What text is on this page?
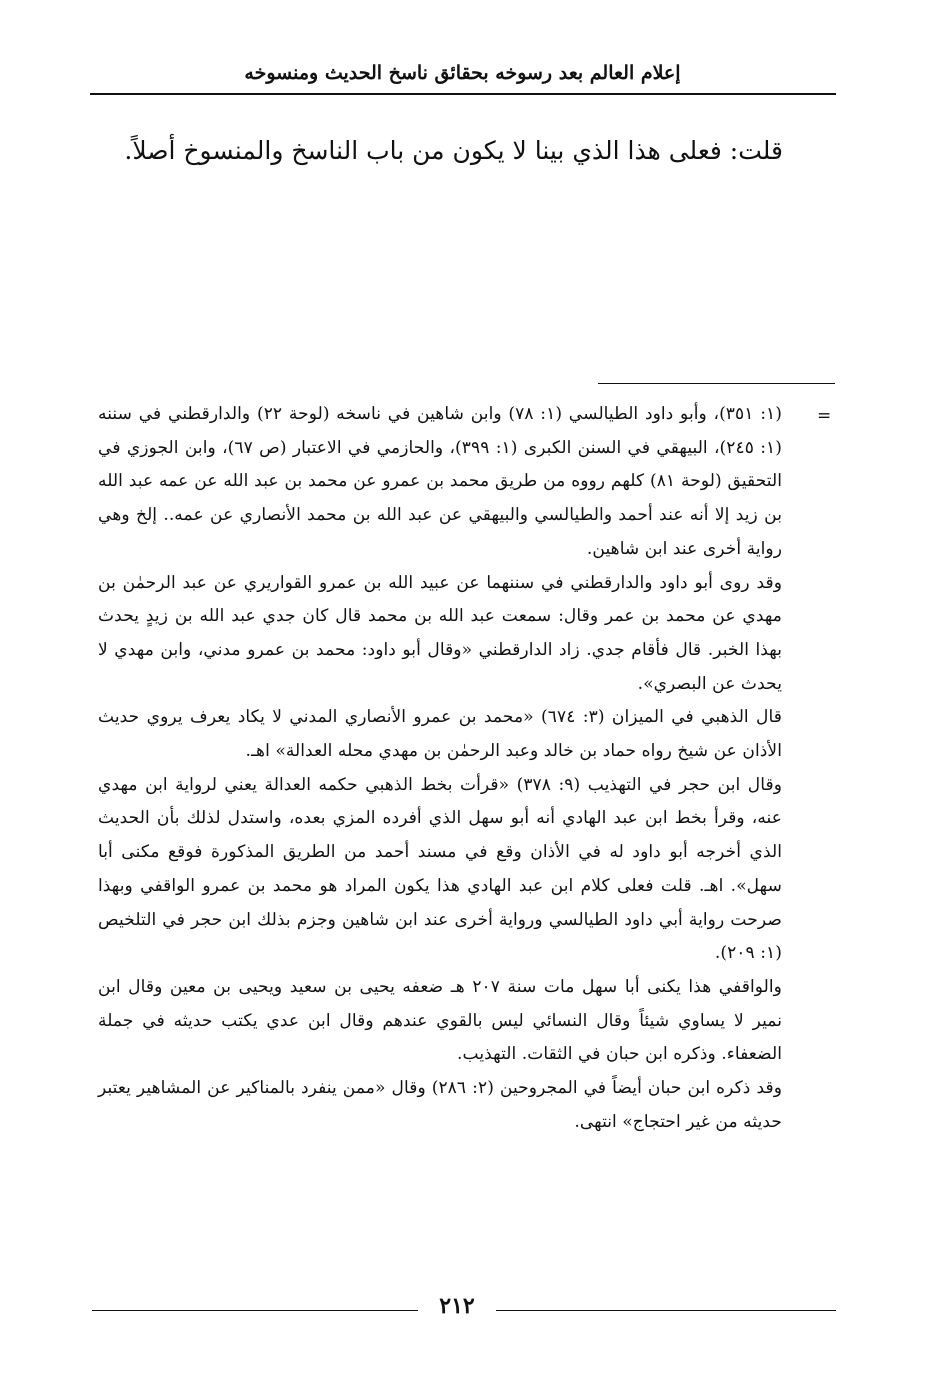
إعلام العالم بعد رسوخه بحقائق ناسخ الحديث ومنسوخه
قلت: فعلى هذا الذي بينا لا يكون من باب الناسخ والمنسوخ أصلاً.
=

(١: ٣٥١)، وأبو داود الطيالسي (١: ٧٨) وابن شاهين في ناسخه (لوحة ٢٢) والدارقطني في سننه (١: ٢٤٥)، البيهقي في السنن الكبرى (١: ٣٩٩)، والحازمي في الاعتبار (ص ٦٧)، وابن الجوزي في التحقيق (لوحة ٨١) كلهم رووه من طريق محمد بن عمرو عن محمد بن عبد الله عن عمه عبد الله بن زيد إلا أنه عند أحمد والطيالسي والبيهقي عن عبد الله بن محمد الأنصاري عن عمه.. إلخ وهي رواية أخرى عند ابن شاهين.

وقد روى أبو داود والدارقطني في سننهما عن عبيد الله بن عمرو القواريري عن عبد الرحمٰن بن مهدي عن محمد بن عمر وقال: سمعت عبد الله بن محمد قال كان جدي عبد الله بن زيدٍ يحدث بهذا الخبر. قال فأقام جدي. زاد الدارقطني «وقال أبو داود: محمد بن عمرو مدني، وابن مهدي لا يحدث عن البصري».

قال الذهبي في الميزان (٣: ٦٧٤) «محمد بن عمرو الأنصاري المدني لا يكاد يعرف يروي حديث الأذان عن شيخ رواه حماد بن خالد وعبد الرحمٰن بن مهدي محله العدالة» اهـ.

وقال ابن حجر في التهذيب (٩: ٣٧٨) «قرأت بخط الذهبي حكمه العدالة يعني لرواية ابن مهدي عنه، وقرأ بخط ابن عبد الهادي أنه أبو سهل الذي أفرده المزي بعده، واستدل لذلك بأن الحديث الذي أخرجه أبو داود له في الأذان وقع في مسند أحمد من الطريق المذكورة فوقع مكنى أبا سهل». اهـ. قلت فعلى كلام ابن عبد الهادي هذا يكون المراد هو محمد بن عمرو الواقفي وبهذا صرحت رواية أبي داود الطيالسي ورواية أخرى عند ابن شاهين وجزم بذلك ابن حجر في التلخيص (١: ٢٠٩).

والواقفي هذا يكنى أبا سهل مات سنة ٢٠٧ هـ ضعفه يحيى بن سعيد ويحيى بن معين وقال ابن نمير لا يساوي شيئاً وقال النسائي ليس بالقوي عندهم وقال ابن عدي يكتب حديثه في جملة الضعفاء. وذكره ابن حبان في الثقات. التهذيب.

وقد ذكره ابن حبان أيضاً في المجروحين (٢: ٢٨٦) وقال «ممن ينفرد بالمناكير عن المشاهير يعتبر حديثه من غير احتجاج» انتهى.

٢١٢
